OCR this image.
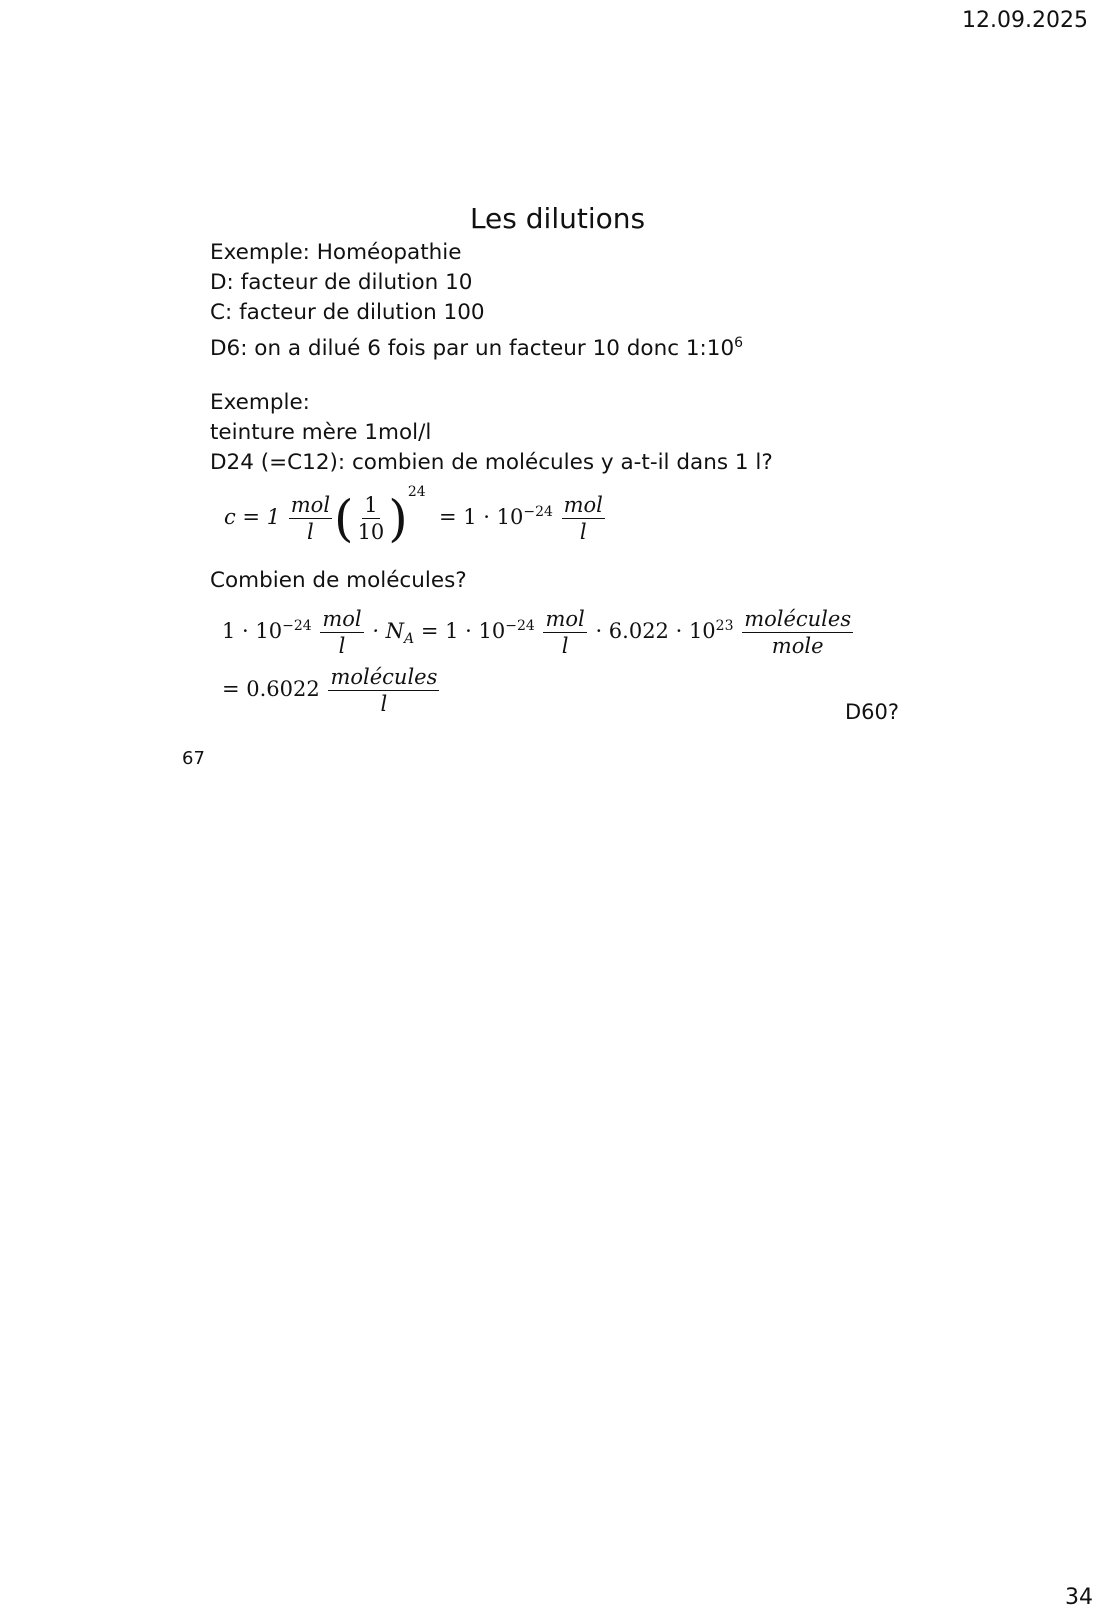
12.09.2025
Les dilutions
Exemple: Homéopathie
D: facteur de dilution 10
C: facteur de dilution 100
D6: on a dilué 6 fois par un facteur 10 donc $1:10^6$
Exemple:
teinture mère 1mol/l
D24 (=C12): combien de molécules y a-t-il dans 1 l?
$c = 1 \frac{\text{mol}}{l}$ ( $\frac{1}{10} )^{24} = 1 \cdot 10^{-24} \frac{\text{mol}}{l}$
Combien de molécules?
$1 \cdot 10^{-24} \frac{\text{mol}}{l} \cdot N_A = 1 \cdot 10^{-24} \frac{\text{mol}}{l} \cdot 6.022 \cdot 10^{23} \frac{\text{molécules}}{\text{mole}}$
= $0.6022 \frac{\text{molécules}}{l}$	D60?
67
34
